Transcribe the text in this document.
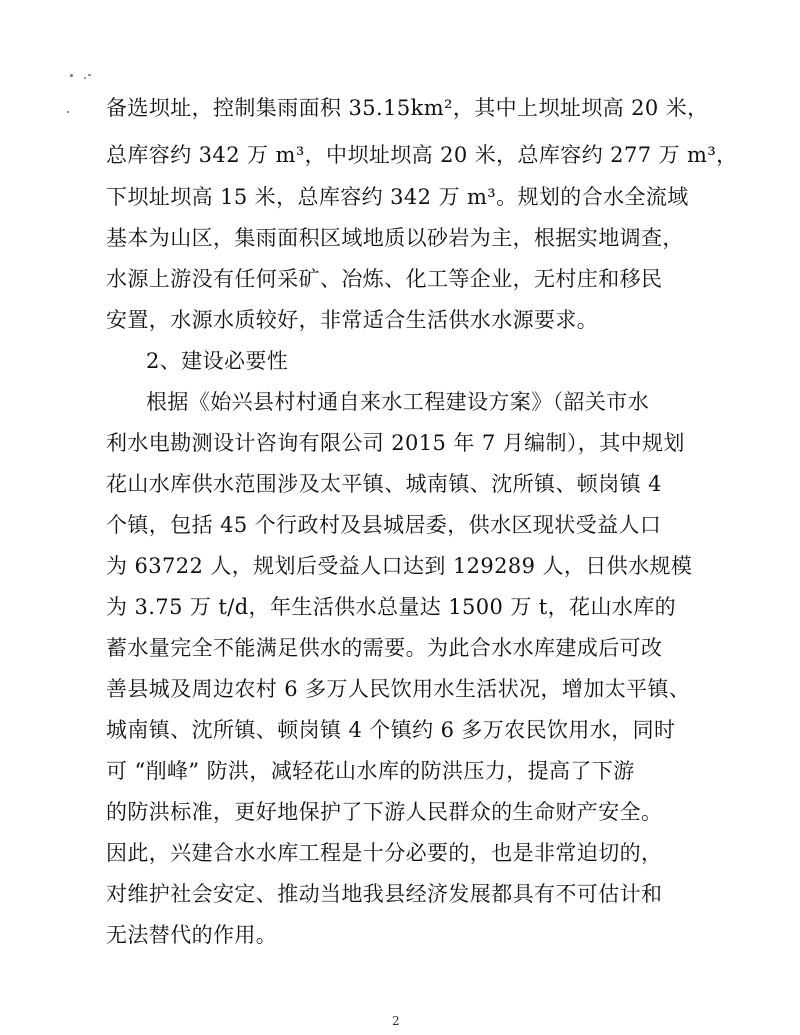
备选坝址，控制集雨面积 35.15km²，其中上坝址坝高 20 米，
总库容约 342 万 m³，中坝址坝高 20 米，总库容约 277 万 m³，
下坝址坝高 15 米，总库容约 342 万 m³。规划的合水全流域
基本为山区，集雨面积区域地质以砂岩为主，根据实地调查，
水源上游没有任何采矿、冶炼、化工等企业，无村庄和移民
安置，水源水质较好，非常适合生活供水水源要求。
2、建设必要性
根据《始兴县村村通自来水工程建设方案》（韶关市水
利水电勘测设计咨询有限公司 2015 年 7 月编制），其中规划
花山水库供水范围涉及太平镇、城南镇、沈所镇、顿岗镇 4
个镇，包括 45 个行政村及县城居委，供水区现状受益人口
为 63722 人，规划后受益人口达到 129289 人，日供水规模
为 3.75 万 t/d，年生活供水总量达 1500 万 t，花山水库的
蓄水量完全不能满足供水的需要。为此合水水库建成后可改
善县城及周边农村 6 多万人民饮用水生活状况，增加太平镇、
城南镇、沈所镇、顿岗镇 4 个镇约 6 多万农民饮用水，同时
可 “削峰” 防洪，减轻花山水库的防洪压力，提高了下游
的防洪标准，更好地保护了下游人民群众的生命财产安全。
因此，兴建合水水库工程是十分必要的，也是非常迫切的，
对维护社会安定、推动当地我县经济发展都具有不可估计和
无法替代的作用。
2
